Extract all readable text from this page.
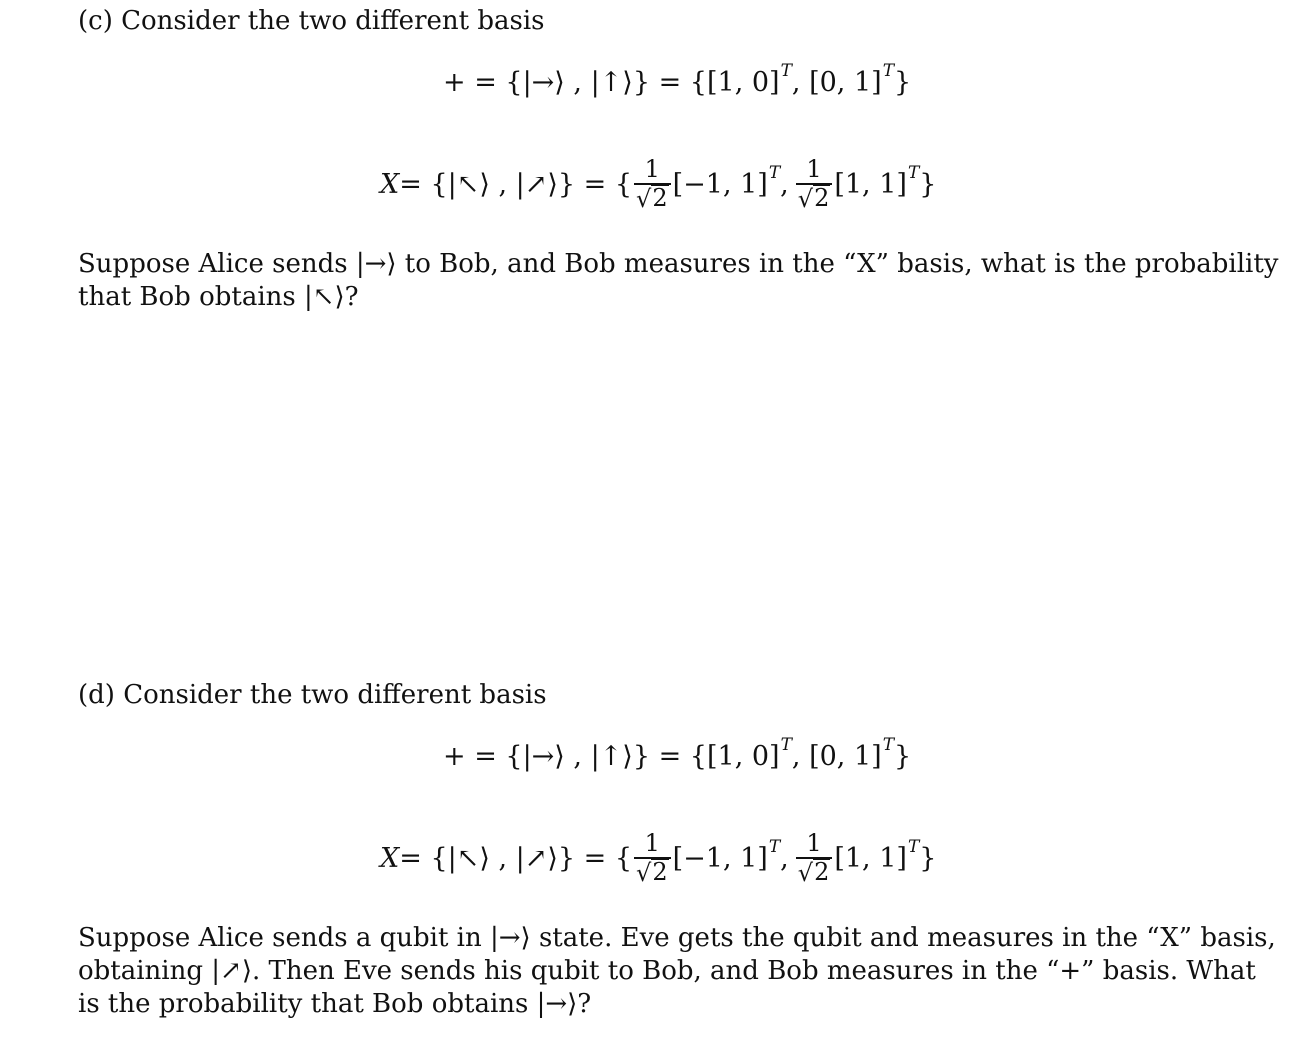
(c) Consider the two different basis
+ = {|→⟩ , |↑⟩} = {[1, 0] T , [0, 1] T }
X = {|↖⟩ , |↗⟩} = { $\frac{1}{√ 2} [-1$, 1] T , $\frac{1}{√ 2} [1$, 1] T }
Suppose Alice sends |→⟩ to Bob, and Bob measures in the “X” basis, what is the probability
that Bob obtains |↖⟩?
(d) Consider the two different basis
+ = {|→⟩ , |↑⟩} = {[1, 0] T , [0, 1] T }
X = {|↖⟩ , |↗⟩} = { $\frac{1}{√ 2} [-1$, 1] T , $\frac{1}{√ 2} [1$, 1] T }
Suppose Alice sends a qubit in |→⟩ state. Eve gets the qubit and measures in the “X” basis,
obtaining |↗⟩. Then Eve sends his qubit to Bob, and Bob measures in the “+” basis. What
is the probability that Bob obtains |→⟩?
